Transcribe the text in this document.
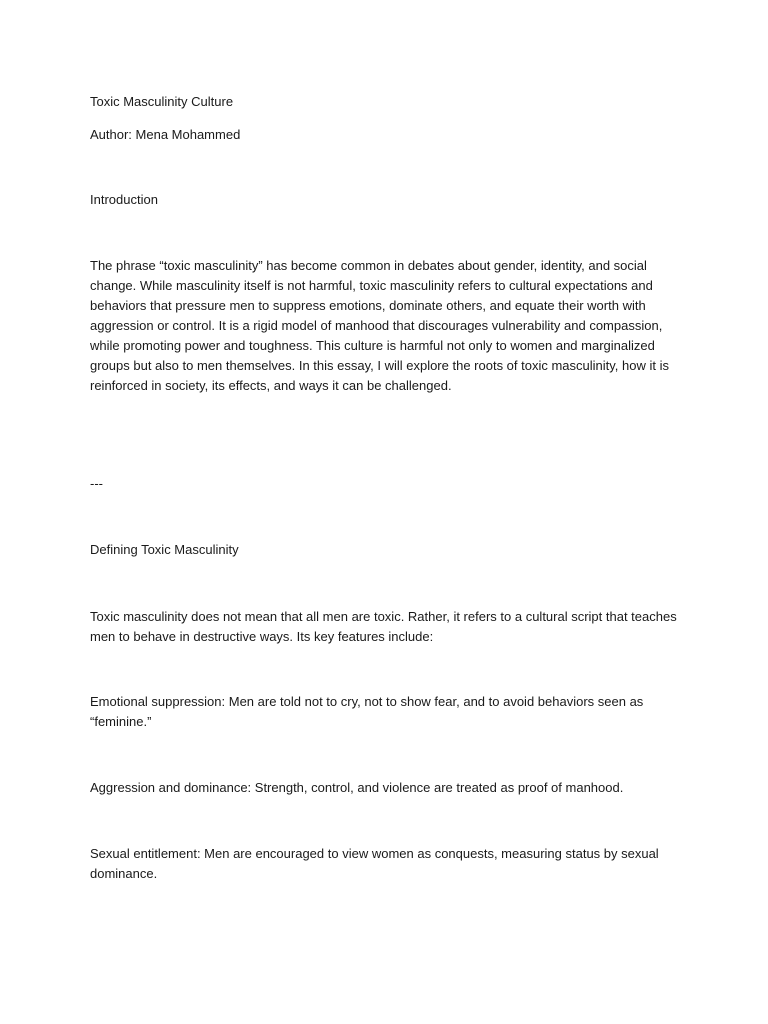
Toxic Masculinity Culture

Author: Mena Mohammed

Introduction

The phrase “toxic masculinity” has become common in debates about gender, identity, and social change. While masculinity itself is not harmful, toxic masculinity refers to cultural expectations and behaviors that pressure men to suppress emotions, dominate others, and equate their worth with aggression or control. It is a rigid model of manhood that discourages vulnerability and compassion, while promoting power and toughness. This culture is harmful not only to women and marginalized groups but also to men themselves. In this essay, I will explore the roots of toxic masculinity, how it is reinforced in society, its effects, and ways it can be challenged.

---

Defining Toxic Masculinity

Toxic masculinity does not mean that all men are toxic. Rather, it refers to a cultural script that teaches men to behave in destructive ways. Its key features include:

Emotional suppression: Men are told not to cry, not to show fear, and to avoid behaviors seen as “feminine.”

Aggression and dominance: Strength, control, and violence are treated as proof of manhood.

Sexual entitlement: Men are encouraged to view women as conquests, measuring status by sexual dominance.
